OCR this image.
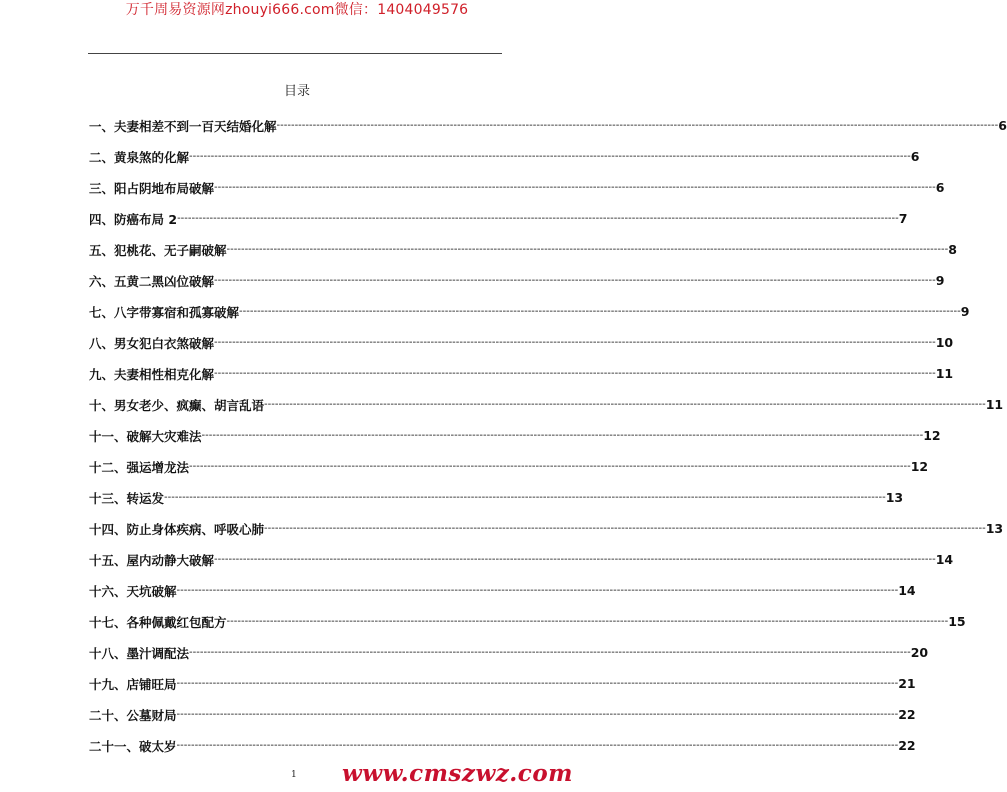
万千周易资源网zhouyi666.com微信：1404049576
目录
一、 夫妻相差不到一百天结婚化解 -------------------------------------------------------------------------------------------------------------------------------------------------------------------------------------------------------- 6
二、 黄泉煞的化解 -------------------------------------------------------------------------------------------------------------------------------------------------------------------------------------------------------- 6
三、 阳占阴地布局破解 -------------------------------------------------------------------------------------------------------------------------------------------------------------------------------------------------------- 6
四、 防癌布局 2 -------------------------------------------------------------------------------------------------------------------------------------------------------------------------------------------------------- 7
五、 犯桃花、无子嗣破解 -------------------------------------------------------------------------------------------------------------------------------------------------------------------------------------------------------- 8
六、 五黄二黑凶位破解 -------------------------------------------------------------------------------------------------------------------------------------------------------------------------------------------------------- 9
七、 八字带寡宿和孤寡破解 -------------------------------------------------------------------------------------------------------------------------------------------------------------------------------------------------------- 9
八、 男女犯白衣煞破解 -------------------------------------------------------------------------------------------------------------------------------------------------------------------------------------------------------- 10
九、 夫妻相性相克化解 -------------------------------------------------------------------------------------------------------------------------------------------------------------------------------------------------------- 11
十、 男女老少、疯癫、胡言乱语 -------------------------------------------------------------------------------------------------------------------------------------------------------------------------------------------------------- 11
十一、 破解大灾难法 -------------------------------------------------------------------------------------------------------------------------------------------------------------------------------------------------------- 12
十二、 强运增龙法 -------------------------------------------------------------------------------------------------------------------------------------------------------------------------------------------------------- 12
十三、 转运发 -------------------------------------------------------------------------------------------------------------------------------------------------------------------------------------------------------- 13
十四、 防止身体疾病、呼吸心肺 -------------------------------------------------------------------------------------------------------------------------------------------------------------------------------------------------------- 13
十五、 屋内动静大破解 -------------------------------------------------------------------------------------------------------------------------------------------------------------------------------------------------------- 14
十六、 天坑破解 -------------------------------------------------------------------------------------------------------------------------------------------------------------------------------------------------------- 14
十七、 各种佩戴红包配方 -------------------------------------------------------------------------------------------------------------------------------------------------------------------------------------------------------- 15
十八、 墨汁调配法 -------------------------------------------------------------------------------------------------------------------------------------------------------------------------------------------------------- 20
十九、 店铺旺局 -------------------------------------------------------------------------------------------------------------------------------------------------------------------------------------------------------- 21
二十、 公墓财局 -------------------------------------------------------------------------------------------------------------------------------------------------------------------------------------------------------- 22
二十一、 破太岁 -------------------------------------------------------------------------------------------------------------------------------------------------------------------------------------------------------- 22
1 www.cmszwz.com
